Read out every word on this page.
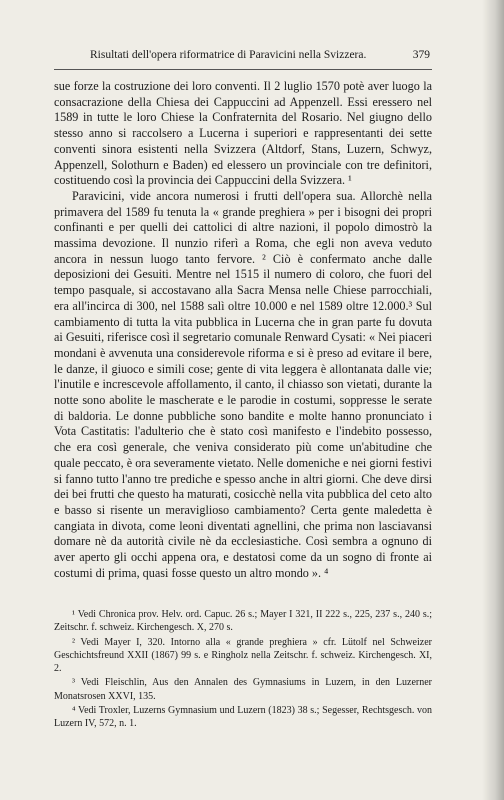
Risultati dell'opera riformatrice di Paravicini nella Svizzera.	379

sue forze la costruzione dei loro conventi. Il 2 luglio 1570 potè aver luogo la consacrazione della Chiesa dei Cappuccini ad Appenzell. Essi eressero nel 1589 in tutte le loro Chiese la Confraternita del Rosario. Nel giugno dello stesso anno si raccolsero a Lucerna i superiori e rappresentanti dei sette conventi sinora esistenti nella Svizzera (Altdorf, Stans, Luzern, Schwyz, Appenzell, Solothurn e Baden) ed elessero un provinciale con tre definitori, costituendo così la provincia dei Cappuccini della Svizzera. ¹

Paravicini, vide ancora numerosi i frutti dell'opera sua. Allorchè nella primavera del 1589 fu tenuta la « grande preghiera » per i bisogni dei propri confinanti e per quelli dei cattolici di altre nazioni, il popolo dimostrò la massima devozione. Il nunzio riferì a Roma, che egli non aveva veduto ancora in nessun luogo tanto fervore. ² Ciò è confermato anche dalle deposizioni dei Gesuiti. Mentre nel 1515 il numero di coloro, che fuori del tempo pasquale, si accostavano alla Sacra Mensa nelle Chiese parrocchiali, era all'incirca di 300, nel 1588 salì oltre 10.000 e nel 1589 oltre 12.000.³ Sul cambiamento di tutta la vita pubblica in Lucerna che in gran parte fu dovuta ai Gesuiti, riferisce così il segretario comunale Renward Cysati: « Nei piaceri mondani è avvenuta una considerevole riforma e si è preso ad evitare il bere, le danze, il giuoco e simili cose; gente di vita leggera è allontanata dalle vie; l'inutile e increscevole affollamento, il canto, il chiasso son vietati, durante la notte sono abolite le mascherate e le parodie in costumi, soppresse le serate di baldoria. Le donne pubbliche sono bandite e molte hanno pronunciato i Vota Castitatis: l'adulterio che è stato così manifesto e l'indebito possesso, che era così generale, che veniva considerato più come un'abitudine che quale peccato, è ora severamente vietato. Nelle domeniche e nei giorni festivi si fanno tutto l'anno tre prediche e spesso anche in altri giorni. Che deve dirsi dei bei frutti che questo ha maturati, cosicchè nella vita pubblica del ceto alto e basso si risente un meraviglioso cambiamento? Certa gente maledetta è cangiata in divota, come leoni diventati agnellini, che prima non lasciavansi domare nè da autorità civile nè da ecclesiastiche. Così sembra a ognuno di aver aperto gli occhi appena ora, e destatosi come da un sogno di fronte ai costumi di prima, quasi fosse questo un altro mondo ». ⁴

¹ Vedi Chronica prov. Helv. ord. Capuc. 26 s.; Mayer I 321, II 222 s., 225, 237 s., 240 s.; Zeitschr. f. schweiz. Kirchengesch. X, 270 s.

² Vedi Mayer I, 320. Intorno alla « grande preghiera » cfr. Lütolf nel Schweizer Geschichtsfreund XXII (1867) 99 s. e Ringholz nella Zeitschr. f. schweiz. Kirchengesch. XI, 2.

³ Vedi Fleischlin, Aus den Annalen des Gymnasiums in Luzern, in den Luzerner Monatsrosen XXVI, 135.

⁴ Vedi Troxler, Luzerns Gymnasium und Luzern (1823) 38 s.; Segesser, Rechtsgesch. von Luzern IV, 572, n. 1.
